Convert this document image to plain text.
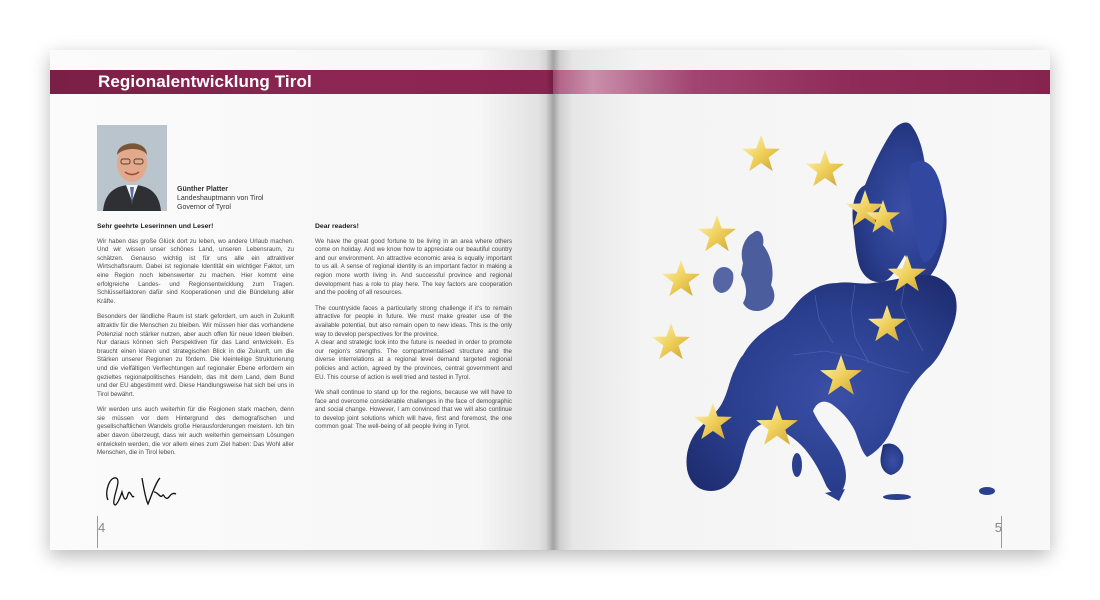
Regionalentwicklung Tirol
Günther Platter
Landeshauptmann von Tirol
Governor of Tyrol
Sehr geehrte Leserinnen und Leser!

Wir haben das große Glück dort zu leben, wo andere Urlaub machen. Und wir wissen unser schönes Land, unseren Lebensraum, zu schätzen. Genauso wichtig ist für uns alle ein attraktiver Wirtschaftsraum. Dabei ist regionale Identität ein wichtiger Faktor, um eine Region noch lebenswerter zu machen. Hier kommt eine erfolgreiche Landes- und Regionsentwicklung zum Tragen. Schlüsselfaktoren dafür sind Kooperationen und die Bündelung aller Kräfte.

Besonders der ländliche Raum ist stark gefordert, um auch in Zukunft attraktiv für die Menschen zu bleiben. Wir müssen hier das vorhandene Potenzial noch stärker nutzen, aber auch offen für neue Ideen bleiben. Nur daraus können sich Perspektiven für das Land entwickeln. Es braucht einen klaren und strategischen Blick in die Zukunft, um die Stärken unserer Regionen zu fördern. Die kleinteilige Strukturierung und die vielfältigen Verflechtungen auf regionaler Ebene erfordern ein gezieltes regionalpolitisches Handeln, das mit dem Land, dem Bund und der EU abgestimmt wird. Diese Handlungsweise hat sich bei uns in Tirol bewährt.

Wir werden uns auch weiterhin für die Regionen stark machen, denn sie müssen vor dem Hintergrund des demografischen und gesellschaftlichen Wandels große Herausforderungen meistern. Ich bin aber davon überzeugt, dass wir auch weiterhin gemeinsam Lösungen entwickeln werden, die vor allem eines zum Ziel haben: Das Wohl aller Menschen, die in Tirol leben.

Dear readers!

We have the great good fortune to be living in an area where others come on holiday. And we know how to appreciate our beautiful country and our environment. An attractive economic area is equally important to us all. A sense of regional identity is an important factor in making a region more worth living in. And successful province and regional development has a role to play here. The key factors are cooperation and the pooling of all resources.

The countryside faces a particularly strong challenge if it's to remain attractive for people in future. We must make greater use of the available potential, but also remain open to new ideas. This is the only way to develop perspectives for the province.
A clear and strategic look into the future is needed in order to promote our region's strengths. The compartmentalised structure and the diverse interrelations at a regional level demand targeted regional policies and action, agreed by the provinces, central government and EU. This course of action is well tried and tested in Tyrol.

We shall continue to stand up for the regions, because we will have to face and overcome considerable challenges in the face of demographic and social change. However, I am convinced that we will also continue to develop joint solutions which will have, first and foremost, the one common goal: The well-being of all people living in Tyrol.

4	5
